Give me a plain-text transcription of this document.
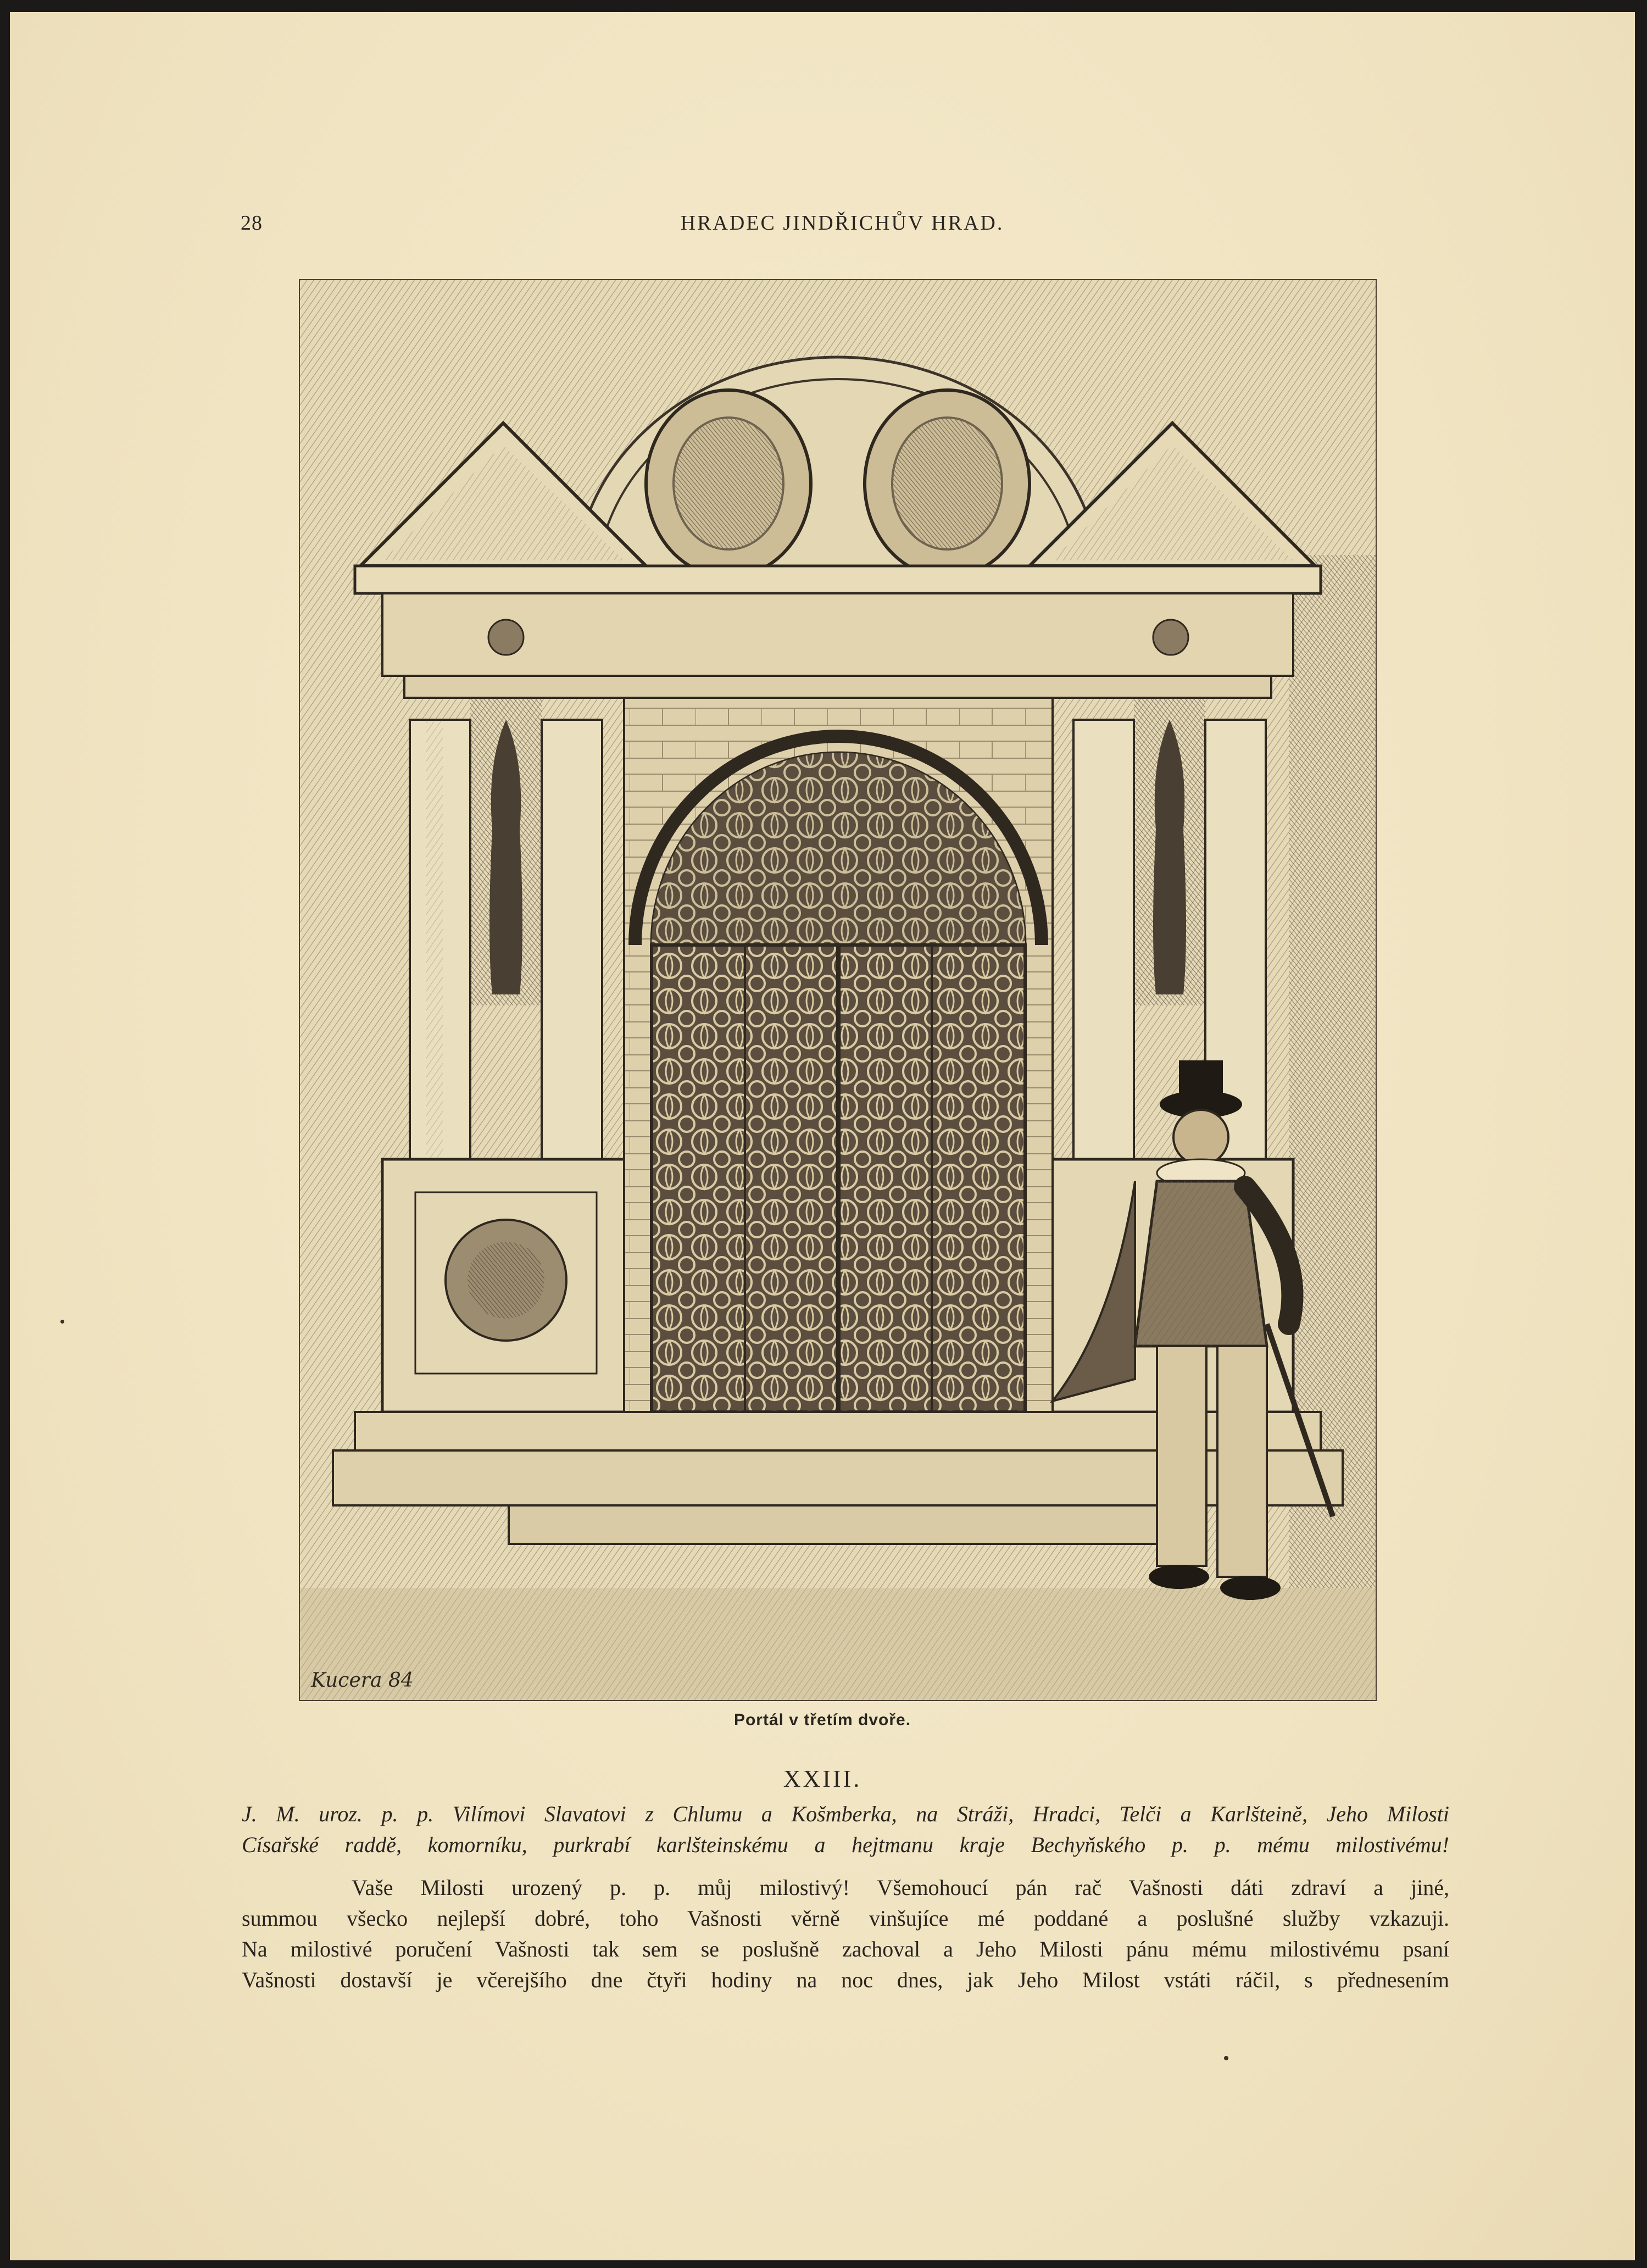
28	HRADEC JINDŘICHŮV HRAD.
Kucera 84
Portál v třetím dvoře.
XXIII.
J. M. uroz. p. p. Vilímovi Slavatovi z Chlumu a Košmberka, na Stráži, Hradci, Telči a Karlšteině, Jeho Milosti
Císařské raddě, komorníku, purkrabí karlšteinskému a hejtmanu kraje Bechyňského p. p. mému milostivému!
Vaše Milosti urozený p. p. můj milostivý! Všemohoucí pán rač Vašnosti dáti zdraví a jiné,
summou všecko nejlepší dobré, toho Vašnosti věrně vinšujíce mé poddané a poslušné služby vzkazuji.
Na milostivé poručení Vašnosti tak sem se poslušně zachoval a Jeho Milosti pánu mému milostivému psaní
Vašnosti dostavší je včerejšího dne čtyři hodiny na noc dnes, jak Jeho Milost vstáti ráčil, s přednesením
